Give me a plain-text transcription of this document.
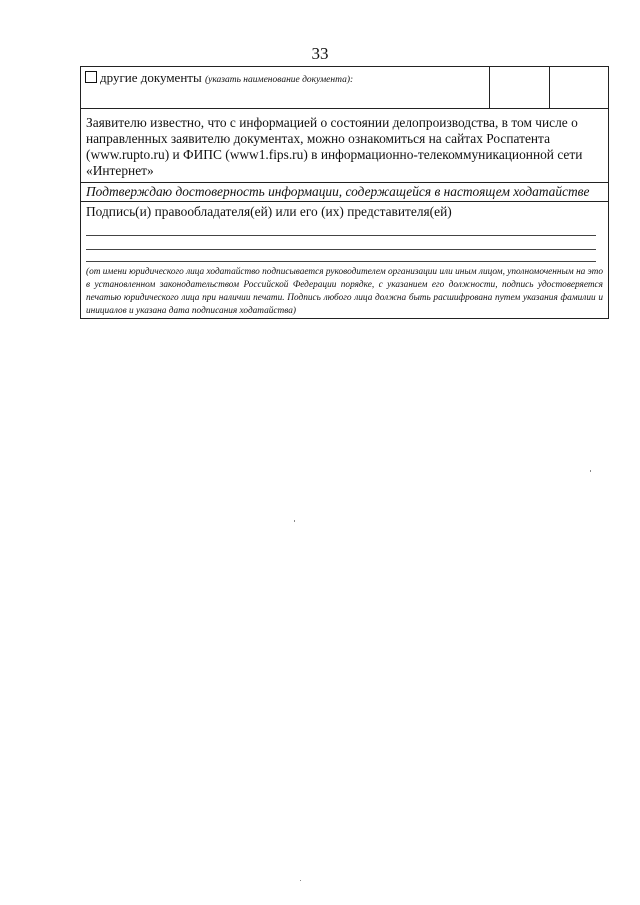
33
другие документы (указать наименование документа):
Заявителю известно, что с информацией о состоянии делопроизводства, в том числе о направленных заявителю документах, можно ознакомиться на сайтах Роспатента (www.rupto.ru) и ФИПС (www1.fips.ru) в информационно-телекоммуникационной сети «Интернет»
Подтверждаю достоверность информации, содержащейся в настоящем ходатайстве
Подпись(и) правообладателя(ей) или его (их) представителя(ей)
(от имени юридического лица ходатайство подписывается руководителем организации или иным лицом, уполномоченным на это в установленном законодательством Российской Федерации порядке, с указанием его должности, подпись удостоверяется печатью юридического лица при наличии печати. Подпись любого лица должна быть расшифрована путем указания фамилии и инициалов и указана дата подписания ходатайства)
